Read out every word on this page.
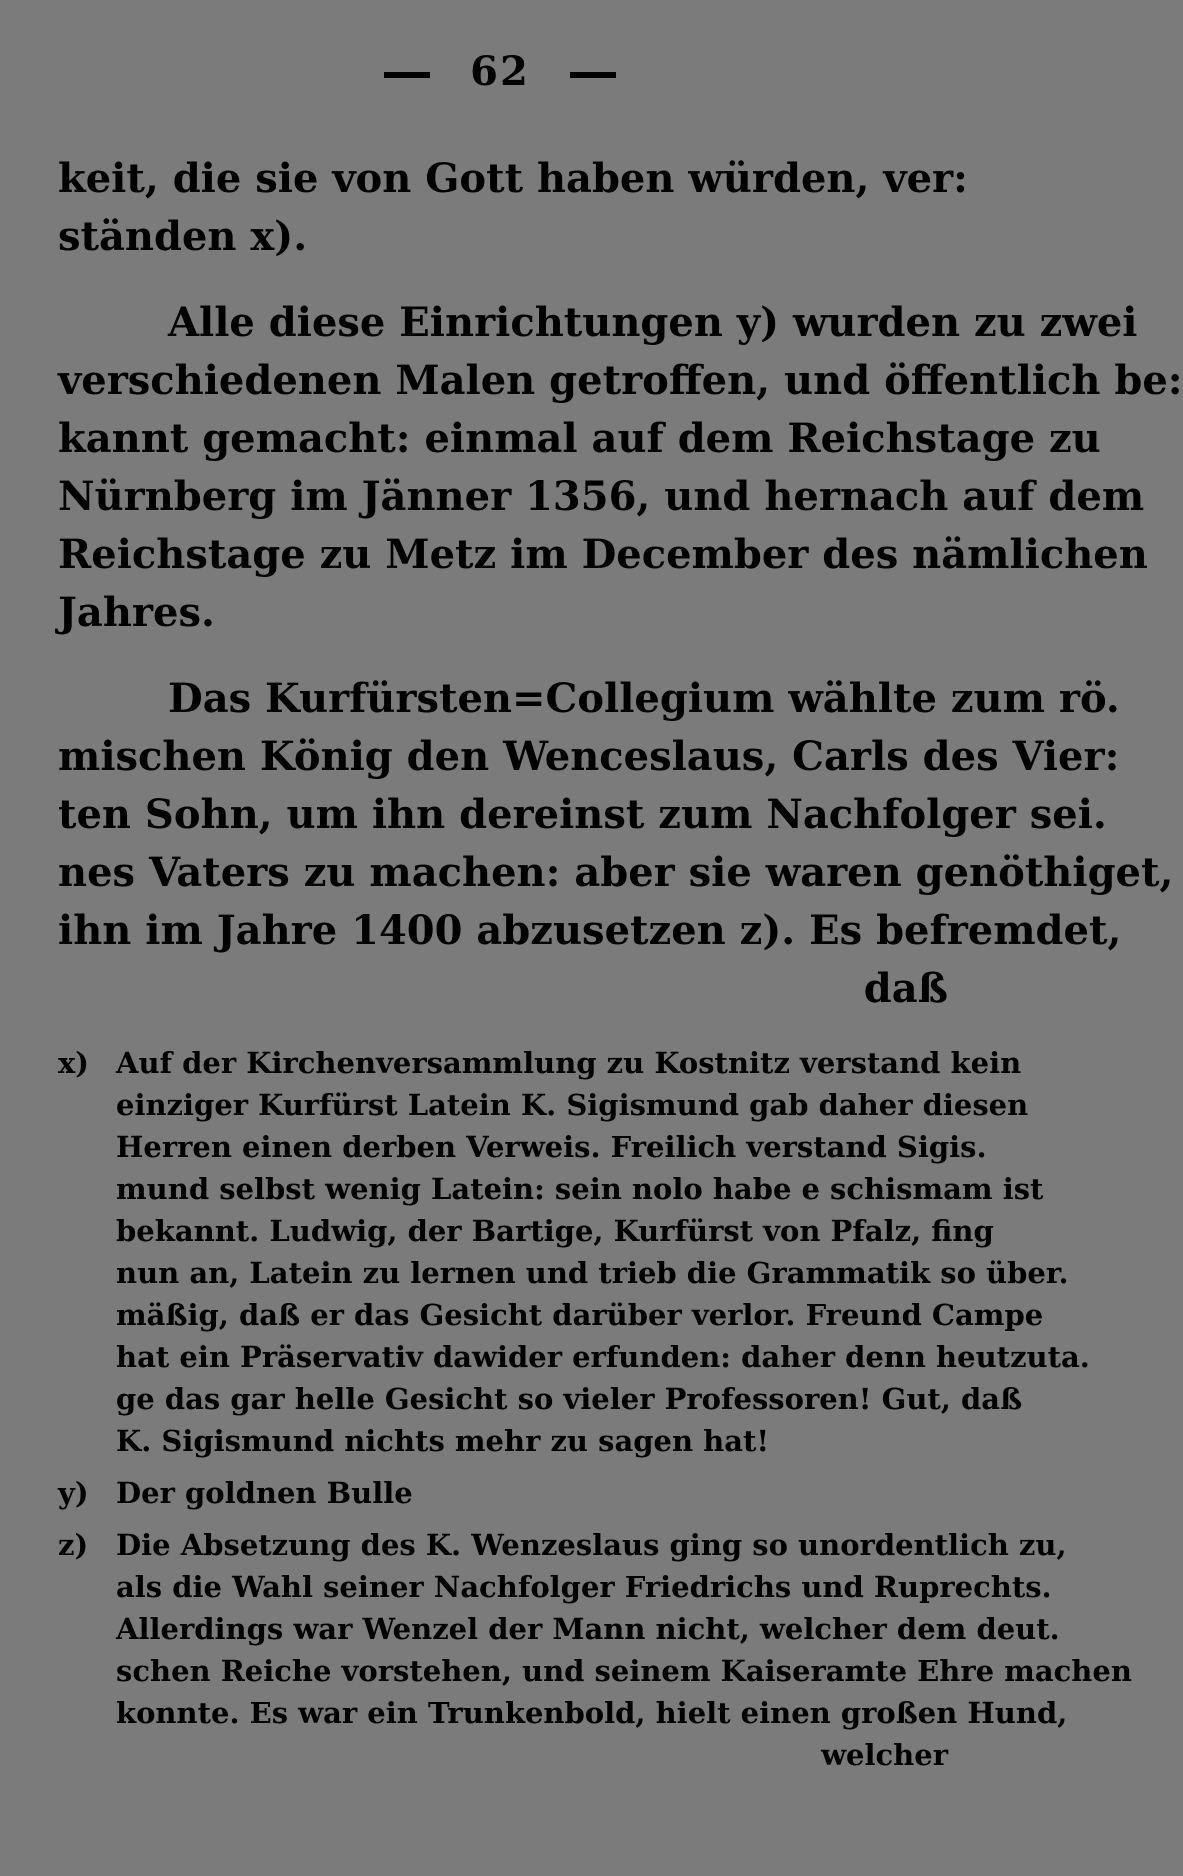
62
keit, die sie von Gott haben würden, ver:
ständen x).
Alle diese Einrichtungen y) wurden zu zwei
verschiedenen Malen getroffen, und öffentlich be:
kannt gemacht: einmal auf dem Reichstage zu
Nürnberg im Jänner 1356, und hernach auf dem
Reichstage zu Metz im December des nämlichen
Jahres.
Das Kurfürsten=Collegium wählte zum rö.
mischen König den Wenceslaus, Carls des Vier:
ten Sohn, um ihn dereinst zum Nachfolger sei.
nes Vaters zu machen: aber sie waren genöthiget,
ihn im Jahre 1400 abzusetzen z). Es befremdet,
daß
x) Auf der Kirchenversammlung zu Kostnitz verstand kein
einziger Kurfürst Latein K. Sigismund gab daher diesen
Herren einen derben Verweis. Freilich verstand Sigis.
mund selbst wenig Latein: sein nolo habe e schismam ist
bekannt. Ludwig, der Bartige, Kurfürst von Pfalz, fing
nun an, Latein zu lernen und trieb die Grammatik so über.
mäßig, daß er das Gesicht darüber verlor. Freund Campe
hat ein Präservativ dawider erfunden: daher denn heutzuta.
ge das gar helle Gesicht so vieler Professoren! Gut, daß
K. Sigismund nichts mehr zu sagen hat!
y) Der goldnen Bulle
z) Die Absetzung des K. Wenzeslaus ging so unordentlich zu,
als die Wahl seiner Nachfolger Friedrichs und Ruprechts.
Allerdings war Wenzel der Mann nicht, welcher dem deut.
schen Reiche vorstehen, und seinem Kaiseramte Ehre machen
konnte. Es war ein Trunkenbold, hielt einen großen Hund,
welcher
